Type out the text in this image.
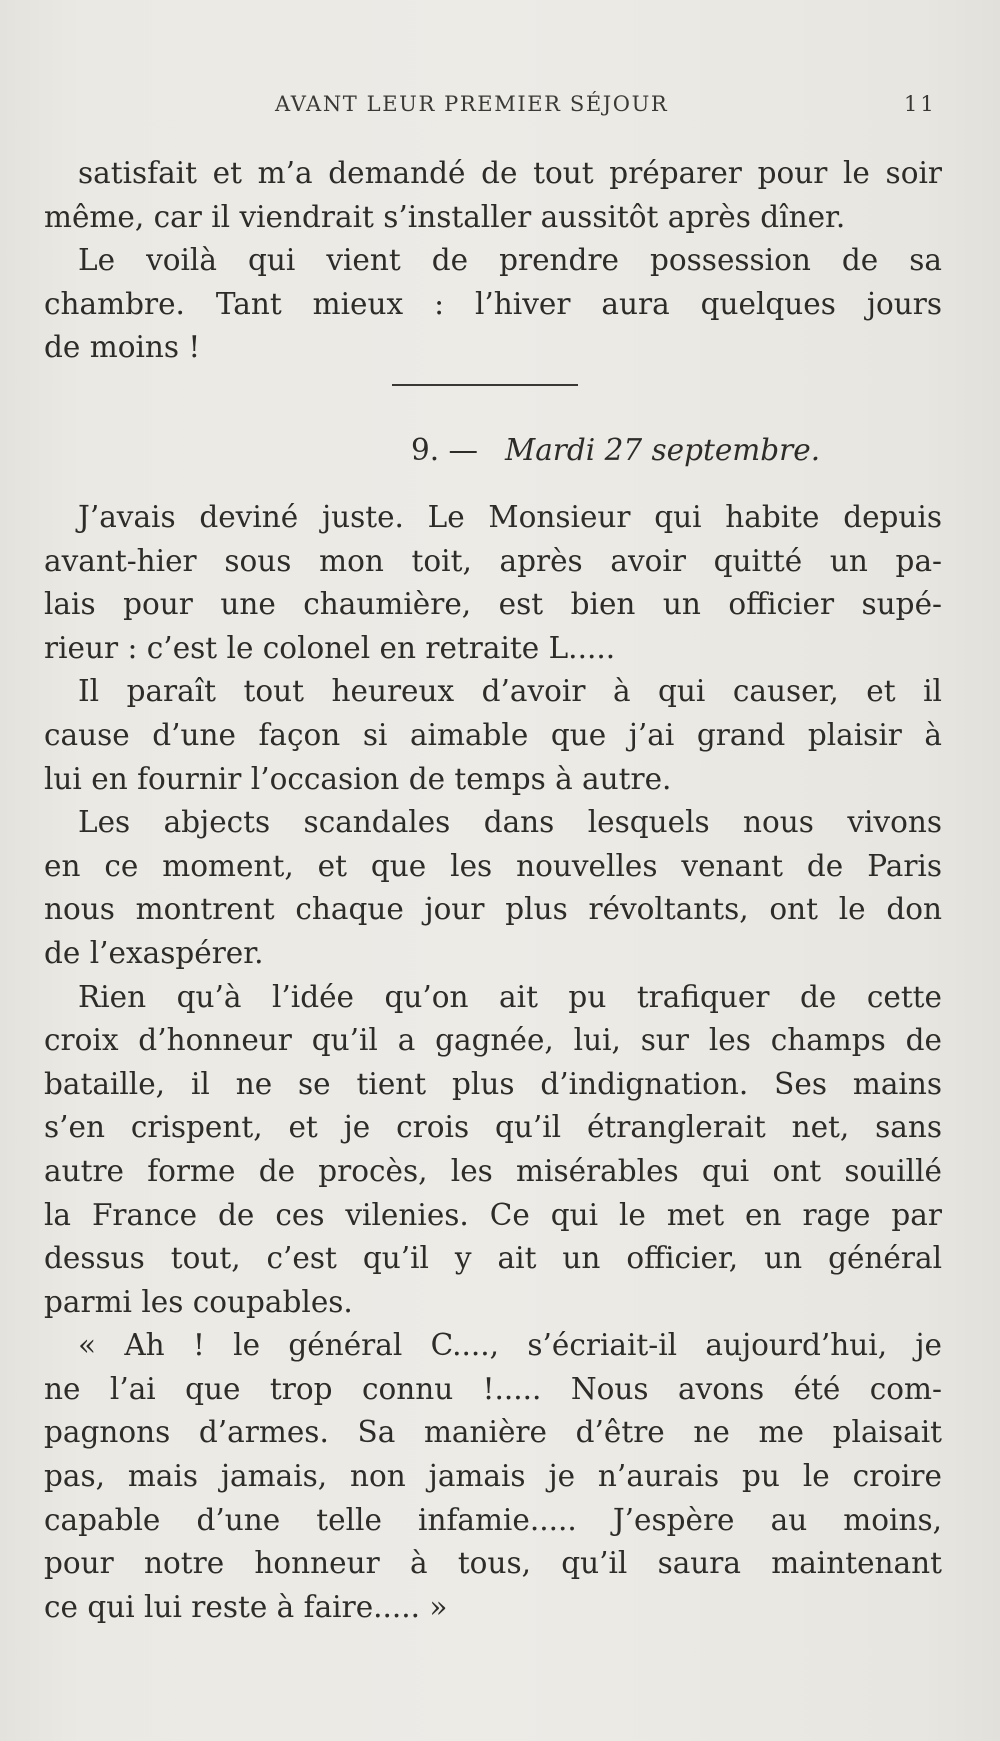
AVANT LEUR PREMIER SÉJOUR	11
satisfait et m’a demandé de tout préparer pour le soir
même, car il viendrait s’installer aussitôt après dîner.
Le voilà qui vient de prendre possession de sa
chambre. Tant mieux : l’hiver aura quelques jours
de moins !
9. — Mardi 27 septembre.
J’avais deviné juste. Le Monsieur qui habite depuis
avant-hier sous mon toit, après avoir quitté un pa-
lais pour une chaumière, est bien un officier supé-
rieur : c’est le colonel en retraite L.....
Il paraît tout heureux d’avoir à qui causer, et il
cause d’une façon si aimable que j’ai grand plaisir à
lui en fournir l’occasion de temps à autre.
Les abjects scandales dans lesquels nous vivons
en ce moment, et que les nouvelles venant de Paris
nous montrent chaque jour plus révoltants, ont le don
de l’exaspérer.
Rien qu’à l’idée qu’on ait pu trafiquer de cette
croix d’honneur qu’il a gagnée, lui, sur les champs de
bataille, il ne se tient plus d’indignation. Ses mains
s’en crispent, et je crois qu’il étranglerait net, sans
autre forme de procès, les misérables qui ont souillé
la France de ces vilenies. Ce qui le met en rage par
dessus tout, c’est qu’il y ait un officier, un général
parmi les coupables.
« Ah ! le général C...., s’écriait-il aujourd’hui, je
ne l’ai que trop connu !..... Nous avons été com-
pagnons d’armes. Sa manière d’être ne me plaisait
pas, mais jamais, non jamais je n’aurais pu le croire
capable d’une telle infamie..... J’espère au moins,
pour notre honneur à tous, qu’il saura maintenant
ce qui lui reste à faire..... »
